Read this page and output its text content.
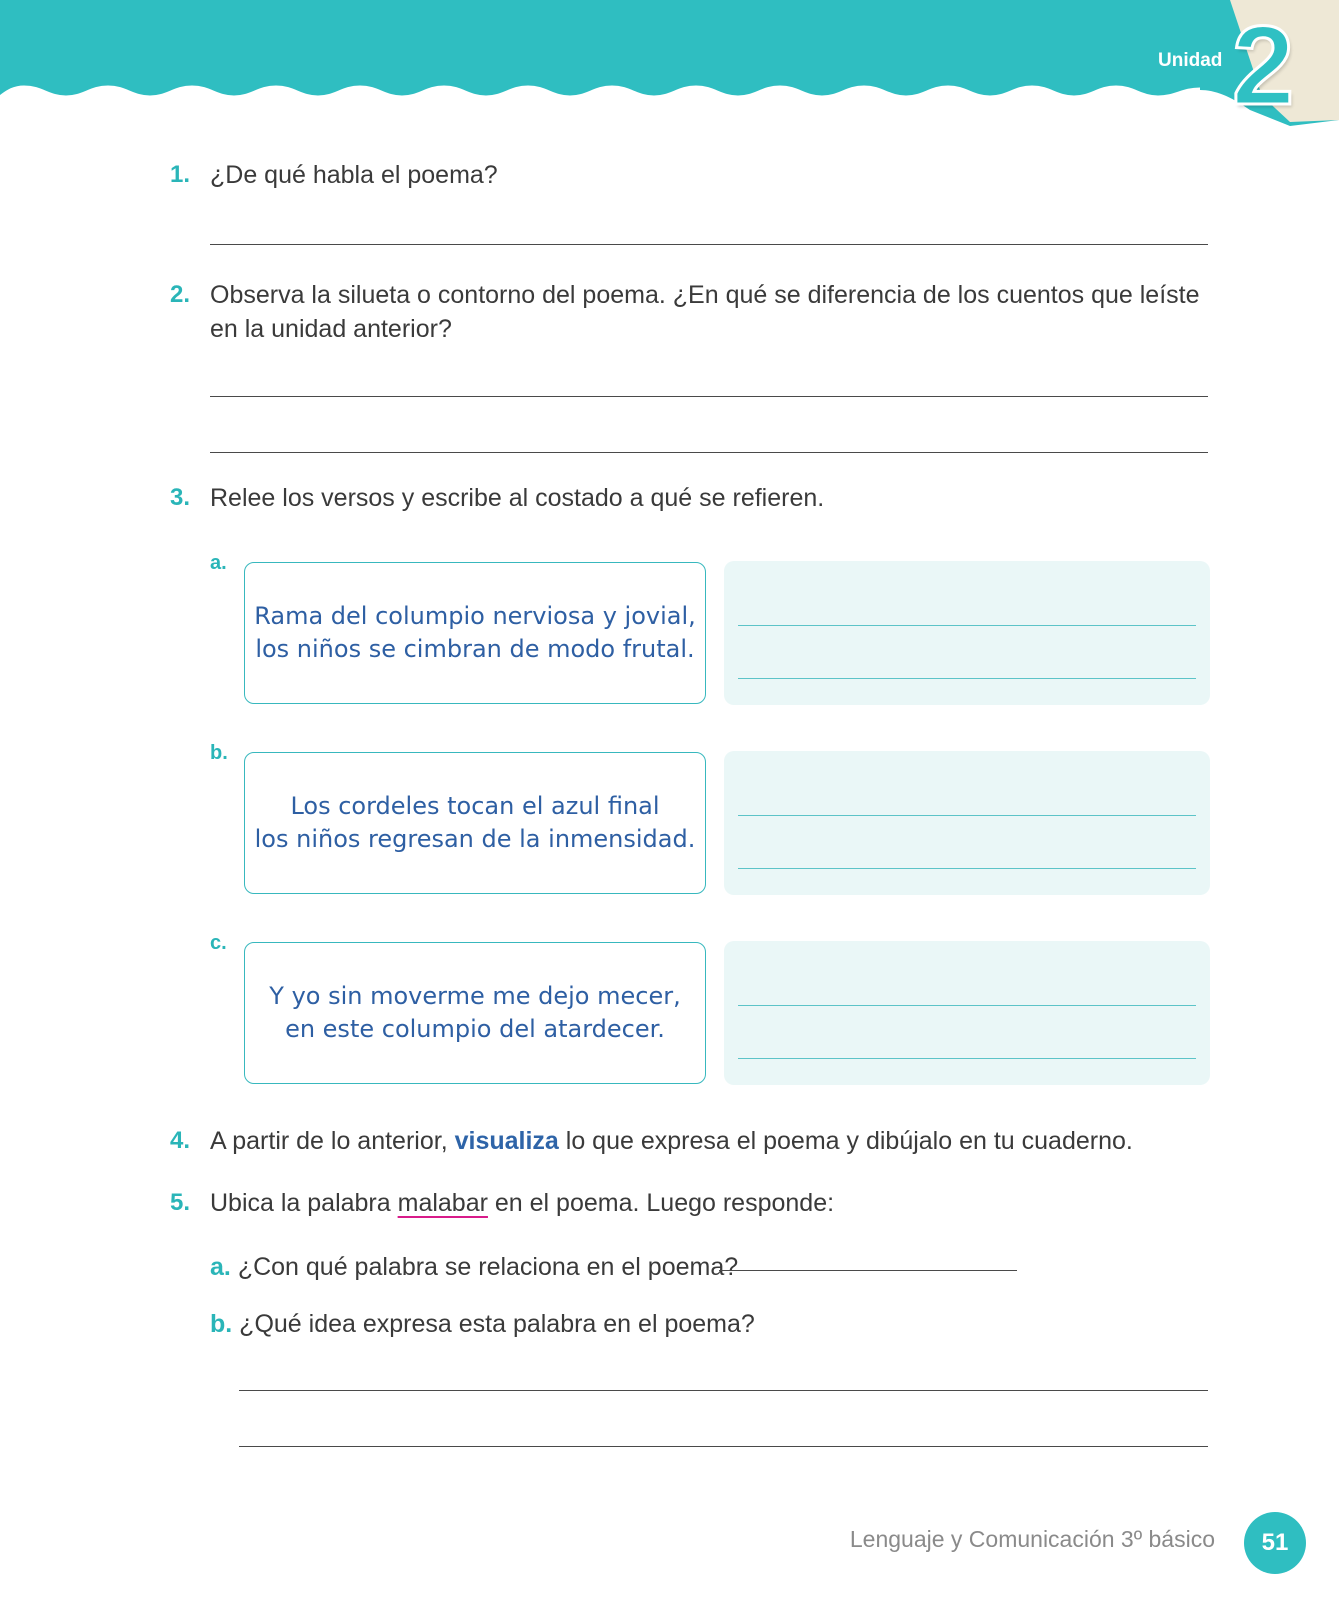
Unidad 2
1. ¿De qué habla el poema?
2. Observa la silueta o contorno del poema. ¿En qué se diferencia de los cuentos que leíste
en la unidad anterior?
3. Relee los versos y escribe al costado a qué se refieren.
a.
Rama del columpio nerviosa y jovial,
los niños se cimbran de modo frutal.
b.
Los cordeles tocan el azul final
los niños regresan de la inmensidad.
c.
Y yo sin moverme me dejo mecer,
en este columpio del atardecer.
4. A partir de lo anterior, visualiza lo que expresa el poema y dibújalo en tu cuaderno.
5. Ubica la palabra malabar en el poema. Luego responde:
a. ¿Con qué palabra se relaciona en el poema?
b. ¿Qué idea expresa esta palabra en el poema?
Lenguaje y Comunicación 3º básico	51
